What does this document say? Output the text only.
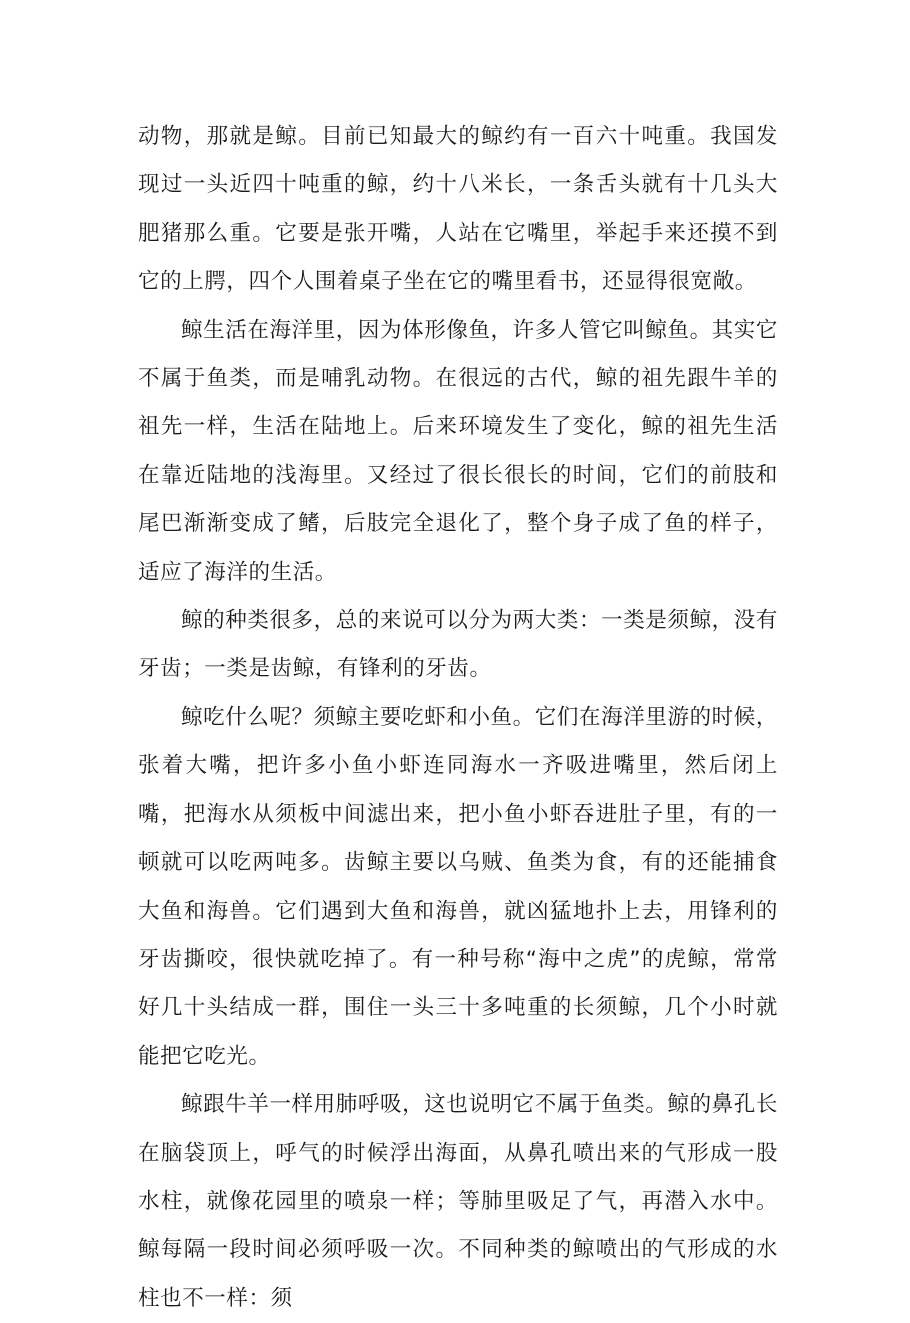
动物，那就是鲸。目前已知最大的鲸约有一百六十吨重。我国发现过一头近四十吨重的鲸，约十八米长，一条舌头就有十几头大肥猪那么重。它要是张开嘴，人站在它嘴里，举起手来还摸不到它的上腭，四个人围着桌子坐在它的嘴里看书，还显得很宽敞。

鲸生活在海洋里，因为体形像鱼，许多人管它叫鲸鱼。其实它不属于鱼类，而是哺乳动物。在很远的古代，鲸的祖先跟牛羊的祖先一样，生活在陆地上。后来环境发生了变化，鲸的祖先生活在靠近陆地的浅海里。又经过了很长很长的时间，它们的前肢和尾巴渐渐变成了鳍，后肢完全退化了，整个身子成了鱼的样子，适应了海洋的生活。

鲸的种类很多，总的来说可以分为两大类：一类是须鲸，没有牙齿；一类是齿鲸，有锋利的牙齿。

鲸吃什么呢？须鲸主要吃虾和小鱼。它们在海洋里游的时候，张着大嘴，把许多小鱼小虾连同海水一齐吸进嘴里，然后闭上嘴，把海水从须板中间滤出来，把小鱼小虾吞进肚子里，有的一顿就可以吃两吨多。齿鲸主要以乌贼、鱼类为食，有的还能捕食大鱼和海兽。它们遇到大鱼和海兽，就凶猛地扑上去，用锋利的牙齿撕咬，很快就吃掉了。有一种号称“海中之虎”的虎鲸，常常好几十头结成一群，围住一头三十多吨重的长须鲸，几个小时就能把它吃光。

鲸跟牛羊一样用肺呼吸，这也说明它不属于鱼类。鲸的鼻孔长在脑袋顶上，呼气的时候浮出海面，从鼻孔喷出来的气形成一股水柱，就像花园里的喷泉一样；等肺里吸足了气，再潜入水中。鲸每隔一段时间必须呼吸一次。不同种类的鲸喷出的气形成的水柱也不一样：须
